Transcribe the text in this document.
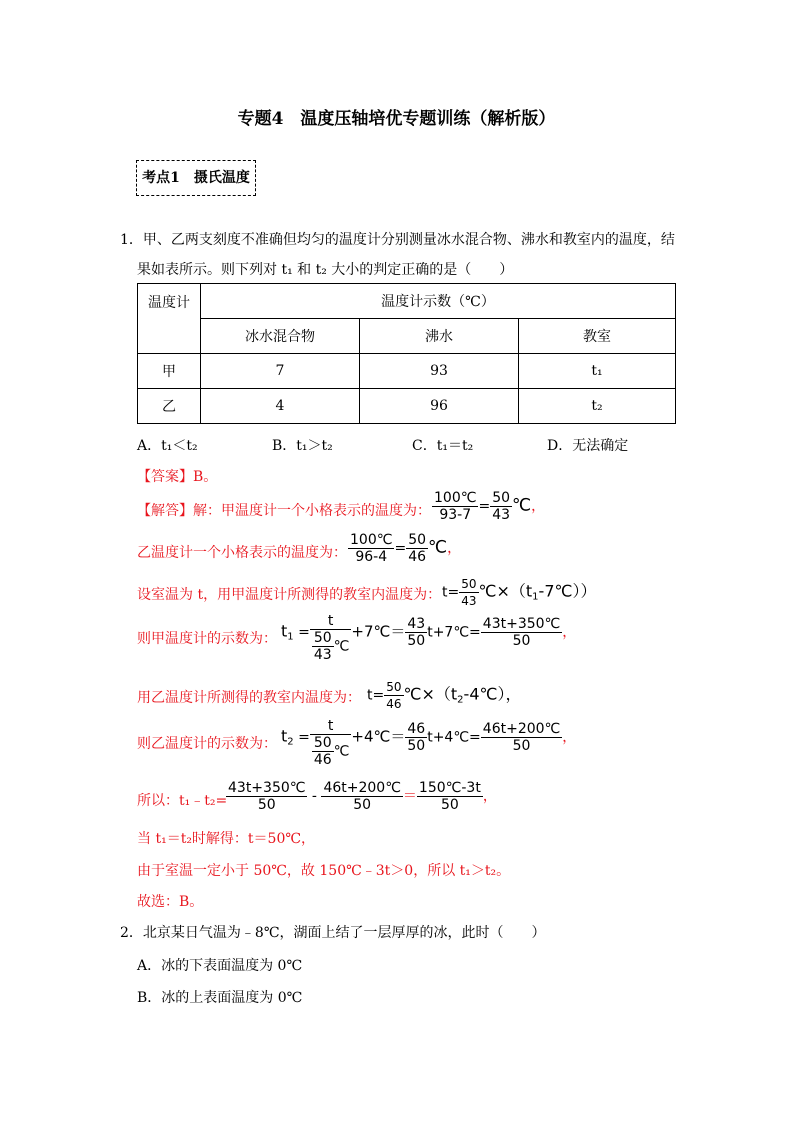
专题4　温度压轴培优专题训练（解析版）
考点1　摄氏温度
1．甲、乙两支刻度不准确但均匀的温度计分别测量冰水混合物、沸水和教室内的温度，结
果如表所示。则下列对 t₁ 和 t₂ 大小的判定正确的是（　　）
温度计	温度计示数（℃）		
	冰水混合物	沸水	教室
甲	7	93	t₁
乙	4	96	t₂
A．t₁＜t₂	B．t₁＞t₂	C．t₁＝t₂	D．无法确定
【答案】B。
【解答】解：甲温度计一个小格表示的温度为： $\frac{100℃}{93-7} = \frac{50}{43}$ ℃，
乙温度计一个小格表示的温度为： $\frac{100℃}{96-4} = \frac{50}{46}$ ℃，
设室温为 t，用甲温度计所测得的教室内温度为： $t= \frac{50}{43}$ $℃\times(t_1-7℃)$）
则甲温度计的示数为： $t_1 = \frac{t}{\frac{50}{43} ℃}$ +7℃＝ $\frac{43}{50}$ t+7℃= $\frac{43t+350℃}{50}$ ，
用乙温度计所测得的教室内温度为： $t= \frac{50}{46}$ $℃\times(t_2-4℃)$，
则乙温度计的示数为： $t_2 = \frac{t}{\frac{50}{46} ℃}$ +4℃＝ $\frac{46}{50}$ t+4℃= $\frac{46t+200℃}{50}$ ，
所以：t₁﹣t₂=
$\frac{43t+350℃}{50} - \frac{46t+200℃}{50} = \frac{150℃-3t}{50}$ ，
当 t₁＝t₂时解得：t＝50℃，
由于室温一定小于 50℃，故 150℃﹣3t＞0，所以 t₁＞t₂。
故选：B。
2．北京某日气温为﹣8℃，湖面上结了一层厚厚的冰，此时（　　）
A．冰的下表面温度为 0℃
B．冰的上表面温度为 0℃
